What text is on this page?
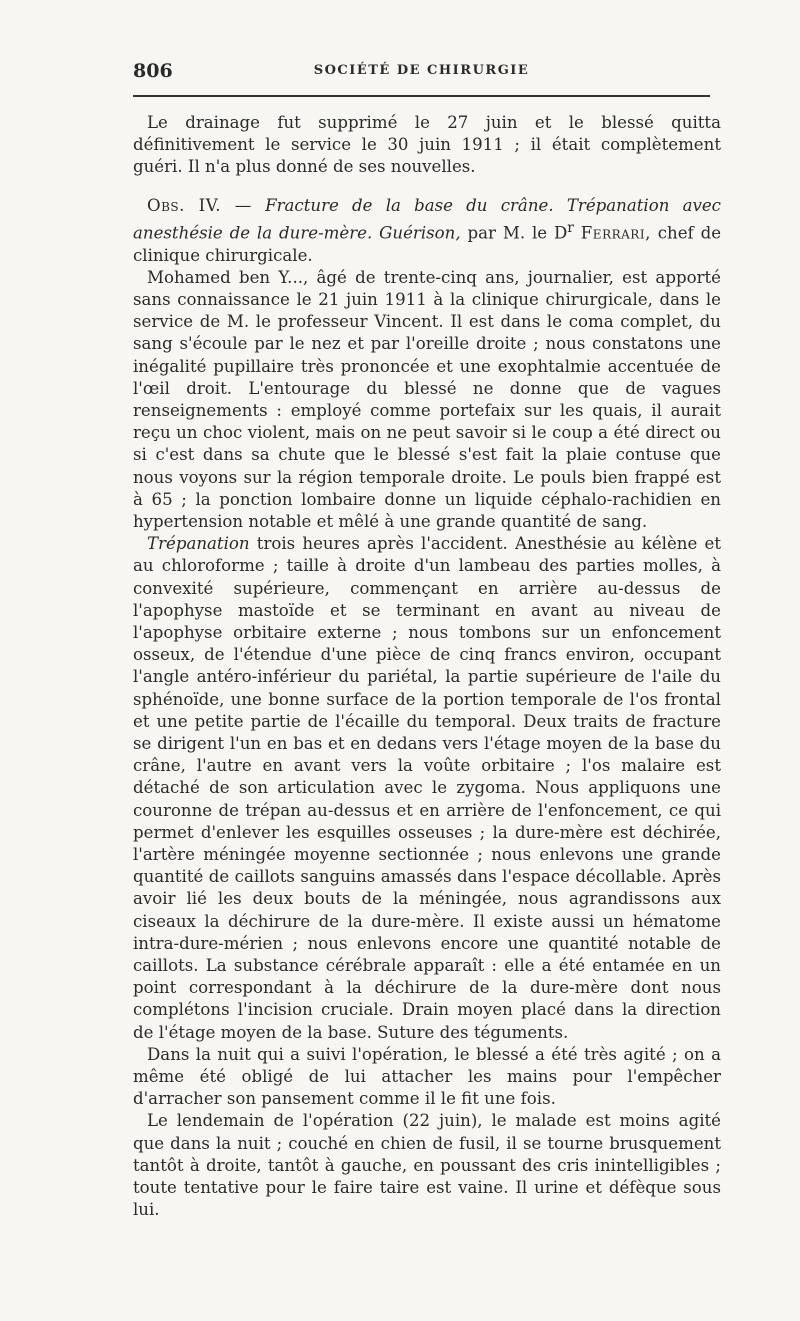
806	SOCIÉTÉ DE CHIRURGIE

Le drainage fut supprimé le 27 juin et le blessé quitta définitivement le service le 30 juin 1911 ; il était complètement guéri. Il n'a plus donné de ses nouvelles.

Obs. IV. — Fracture de la base du crâne. Trépanation avec anesthésie de la dure-mère. Guérison, par M. le $D^r$ Ferrari, chef de clinique chirurgicale.

Mohamed ben Y..., âgé de trente-cinq ans, journalier, est apporté sans connaissance le 21 juin 1911 à la clinique chirurgicale, dans le service de M. le professeur Vincent. Il est dans le coma complet, du sang s'écoule par le nez et par l'oreille droite ; nous constatons une inégalité pupillaire très prononcée et une exophtalmie accentuée de l'œil droit. L'entourage du blessé ne donne que de vagues renseignements : employé comme portefaix sur les quais, il aurait reçu un choc violent, mais on ne peut savoir si le coup a été direct ou si c'est dans sa chute que le blessé s'est fait la plaie contuse que nous voyons sur la région temporale droite. Le pouls bien frappé est à 65 ; la ponction lombaire donne un liquide céphalo-rachidien en hypertension notable et mêlé à une grande quantité de sang.

Trépanation trois heures après l'accident. Anesthésie au kélène et au chloroforme ; taille à droite d'un lambeau des parties molles, à convexité supérieure, commençant en arrière au-dessus de l'apophyse mastoïde et se terminant en avant au niveau de l'apophyse orbitaire externe ; nous tombons sur un enfoncement osseux, de l'étendue d'une pièce de cinq francs environ, occupant l'angle antéro-inférieur du pariétal, la partie supérieure de l'aile du sphénoïde, une bonne surface de la portion temporale de l'os frontal et une petite partie de l'écaille du temporal. Deux traits de fracture se dirigent l'un en bas et en dedans vers l'étage moyen de la base du crâne, l'autre en avant vers la voûte orbitaire ; l'os malaire est détaché de son articulation avec le zygoma. Nous appliquons une couronne de trépan au-dessus et en arrière de l'enfoncement, ce qui permet d'enlever les esquilles osseuses ; la dure-mère est déchirée, l'artère méningée moyenne sectionnée ; nous enlevons une grande quantité de caillots sanguins amassés dans l'espace décollable. Après avoir lié les deux bouts de la méningée, nous agrandissons aux ciseaux la déchirure de la dure-mère. Il existe aussi un hématome intra-dure-mérien ; nous enlevons encore une quantité notable de caillots. La substance cérébrale apparaît : elle a été entamée en un point correspondant à la déchirure de la dure-mère dont nous complétons l'incision cruciale. Drain moyen placé dans la direction de l'étage moyen de la base. Suture des téguments.

Dans la nuit qui a suivi l'opération, le blessé a été très agité ; on a même été obligé de lui attacher les mains pour l'empêcher d'arracher son pansement comme il le fit une fois.

Le lendemain de l'opération (22 juin), le malade est moins agité que dans la nuit ; couché en chien de fusil, il se tourne brusquement tantôt à droite, tantôt à gauche, en poussant des cris inintelligibles ; toute tentative pour le faire taire est vaine. Il urine et défèque sous lui.
